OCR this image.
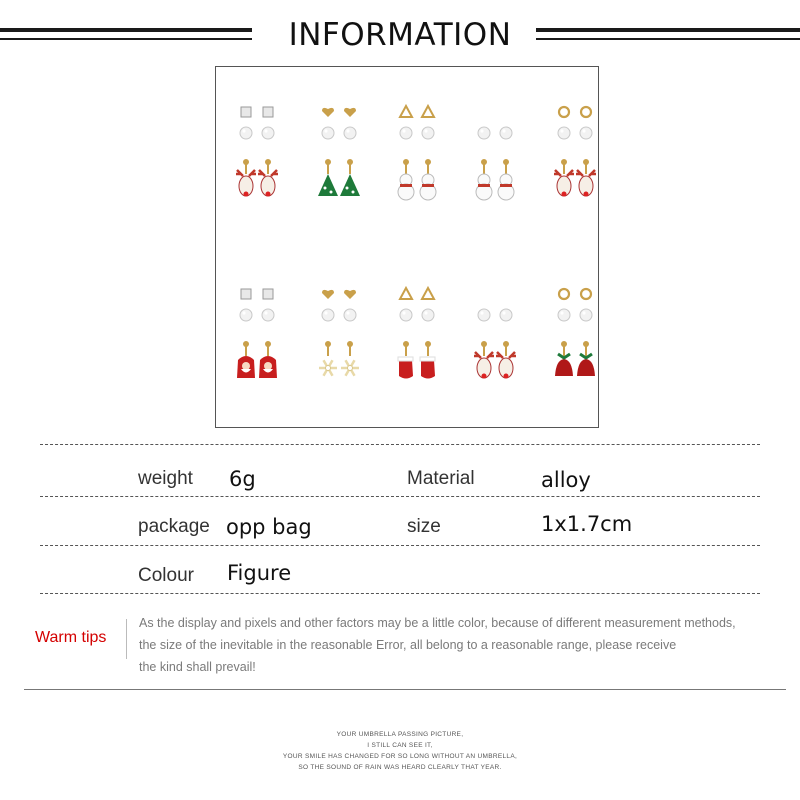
INFORMATION
weight 6g	Material	alloy
package opp bag	size	1x1.7cm
Colour Figure
Warm tips
As the display and pixels and other factors may be a little color, because of different measurement methods,
the size of the inevitable in the reasonable Error, all belong to a reasonable range, please receive
the kind shall prevail!
YOUR UMBRELLA PASSING PICTURE,
I STILL CAN SEE IT,
YOUR SMILE HAS CHANGED FOR SO LONG WITHOUT AN UMBRELLA,
SO THE SOUND OF RAIN WAS HEARD CLEARLY THAT YEAR.
